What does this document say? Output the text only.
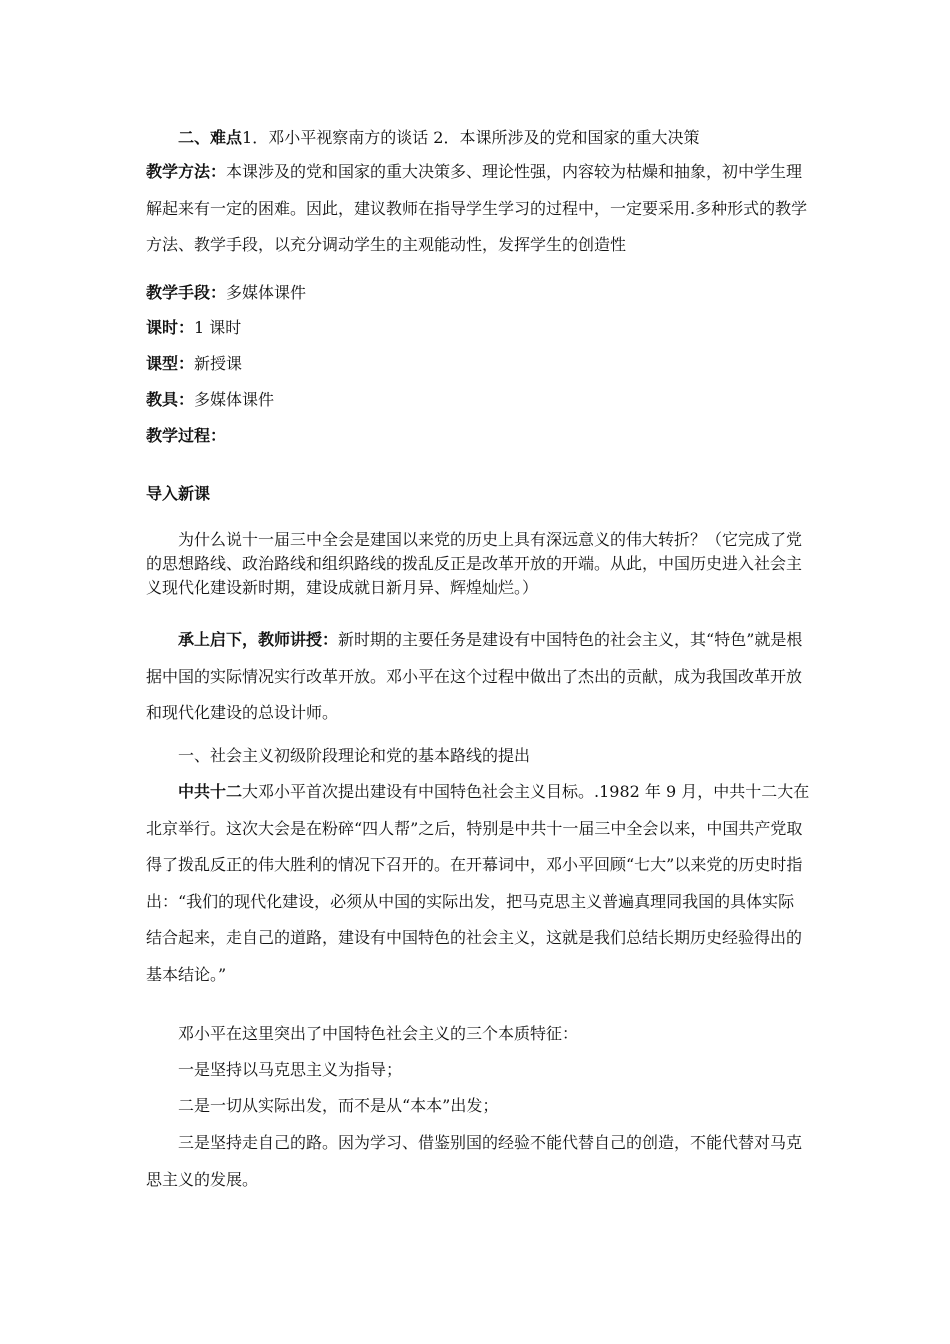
二、难点1．邓小平视察南方的谈话 2．本课所涉及的党和国家的重大决策

教学方法：本课涉及的党和国家的重大决策多、理论性强，内容较为枯燥和抽象，初中学生理解起来有一定的困难。因此，建议教师在指导学生学习的过程中，一定要采用.多种形式的教学方法、教学手段，以充分调动学生的主观能动性，发挥学生的创造性

教学手段：多媒体课件

课时：1 课时

课型：新授课

教具：多媒体课件

教学过程：

导入新课

为什么说十一届三中全会是建国以来党的历史上具有深远意义的伟大转折？（它完成了党的思想路线、政治路线和组织路线的拨乱反正是改革开放的开端。从此，中国历史进入社会主义现代化建设新时期，建设成就日新月异、辉煌灿烂。）

承上启下，教师讲授：新时期的主要任务是建设有中国特色的社会主义，其“特色”就是根据中国的实际情况实行改革开放。邓小平在这个过程中做出了杰出的贡献，成为我国改革开放和现代化建设的总设计师。

一、社会主义初级阶段理论和党的基本路线的提出

中共十二大邓小平首次提出建设有中国特色社会主义目标。.1982 年 9 月，中共十二大在北京举行。这次大会是在粉碎“四人帮”之后，特别是中共十一届三中全会以来，中国共产党取得了拨乱反正的伟大胜利的情况下召开的。在开幕词中，邓小平回顾“七大”以来党的历史时指出：“我们的现代化建设，必须从中国的实际出发，把马克思主义普遍真理同我国的具体实际结合起来，走自己的道路，建设有中国特色的社会主义，这就是我们总结长期历史经验得出的基本结论。”

邓小平在这里突出了中国特色社会主义的三个本质特征：

一是坚持以马克思主义为指导；

二是一切从实际出发，而不是从“本本”出发；

三是坚持走自己的路。因为学习、借鉴别国的经验不能代替自己的创造，不能代替对马克思主义的发展。
